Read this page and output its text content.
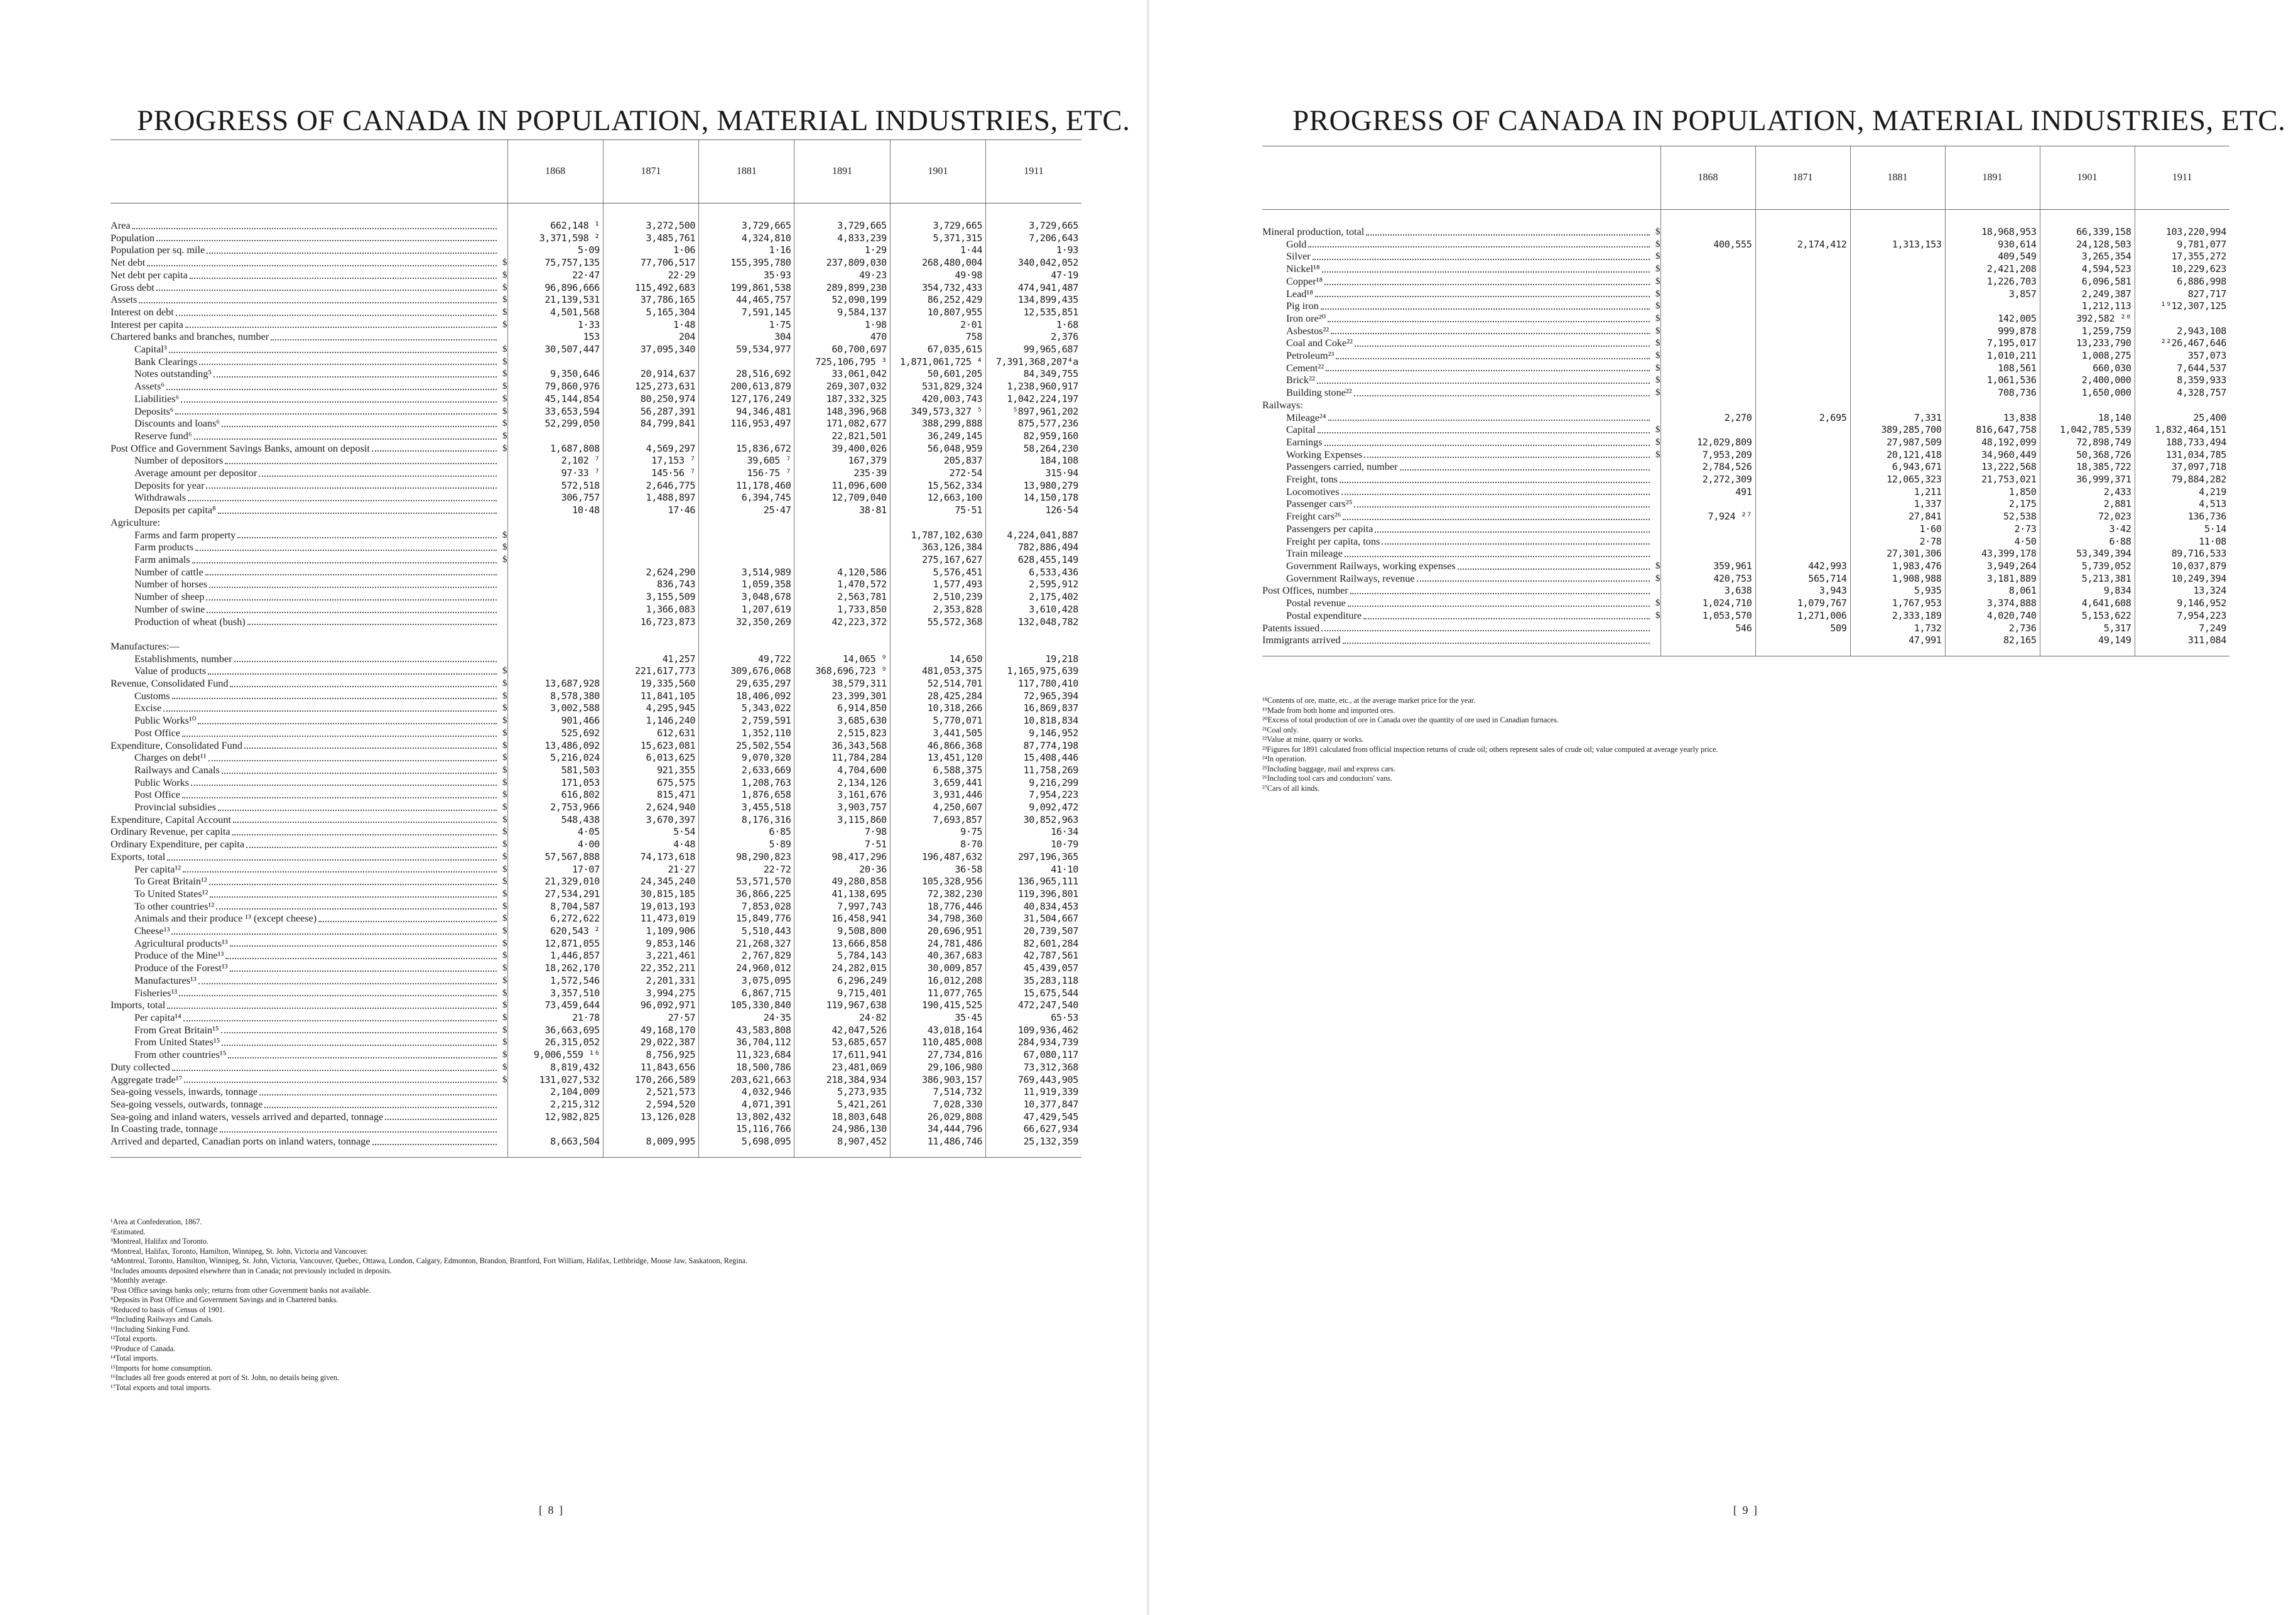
PROGRESS OF CANADA IN POPULATION, MATERIAL INDUSTRIES, ETC.
	1868	1871	1881	1891	1901	1911

Area	662,148 ¹	3,272,500	3,729,665	3,729,665	3,729,665	3,729,665

Population	3,371,598 ²	3,485,761	4,324,810	4,833,239	5,371,315	7,206,643

Population per sq. mile	5·09	1·06	1·16	1·29	1·44	1·93

Net debt $	75,757,135	77,706,517	155,395,780	237,809,030	268,480,004	340,042,052

Net debt per capita $	22·47	22·29	35·93	49·23	49·98	47·19

Gross debt $	96,896,666	115,492,683	199,861,538	289,899,230	354,732,433	474,941,487

Assets $	21,139,531	37,786,165	44,465,757	52,090,199	86,252,429	134,899,435

Interest on debt $	4,501,568	5,165,304	7,591,145	9,584,137	10,807,955	12,535,851

Interest per capita $	1·33	1·48	1·75	1·98	2·01	1·68

Chartered banks and branches, number	153	204	304	470	758	2,376

Capital³ $	30,507,447	37,095,340	59,534,977	60,700,697	67,035,615	99,965,687

Bank Clearings $				725,106,795 ³	1,871,061,725 ⁴	7,391,368,207⁴a

Notes outstanding⁵ $	9,350,646	20,914,637	28,516,692	33,061,042	50,601,205	84,349,755

Assets⁶ $	79,860,976	125,273,631	200,613,879	269,307,032	531,829,324	1,238,960,917

Liabilities⁶ $	45,144,854	80,250,974	127,176,249	187,332,325	420,003,743	1,042,224,197

Deposits⁶ $	33,653,594	56,287,391	94,346,481	148,396,968	349,573,327 ⁵	⁵897,961,202

Discounts and loans⁶ $	52,299,050	84,799,841	116,953,497	171,082,677	388,299,888	875,577,236

Reserve fund⁶ $				22,821,501	36,249,145	82,959,160

Post Office and Government Savings Banks, amount on deposit $	1,687,808	4,569,297	15,836,672	39,400,026	56,048,959	58,264,230

Number of depositors	2,102 ⁷	17,153 ⁷	39,605 ⁷	167,379	205,837	184,108

Average amount per depositor	97·33 ⁷	145·56 ⁷	156·75 ⁷	235·39	272·54	315·94

Deposits for year	572,518	2,646,775	11,178,460	11,096,600	15,562,334	13,980,279

Withdrawals	306,757	1,488,897	6,394,745	12,709,040	12,663,100	14,150,178

Deposits per capita⁸	10·48	17·46	25·47	38·81	75·51	126·54

Agriculture:						

Farms and farm property $					1,787,102,630	4,224,041,887

Farm products $					363,126,384	782,886,494

Farm animals $					275,167,627	628,455,149

Number of cattle		2,624,290	3,514,989	4,120,586	5,576,451	6,533,436

Number of horses		836,743	1,059,358	1,470,572	1,577,493	2,595,912

Number of sheep		3,155,509	3,048,678	2,563,781	2,510,239	2,175,402

Number of swine		1,366,083	1,207,619	1,733,850	2,353,828	3,610,428

Production of wheat (bush)		16,723,873	32,350,269	42,223,372	55,572,368	132,048,782

Manufactures:—						

Establishments, number		41,257	49,722	14,065 ⁹	14,650	19,218

Value of products $		221,617,773	309,676,068	368,696,723 ⁹	481,053,375	1,165,975,639

Revenue, Consolidated Fund $	13,687,928	19,335,560	29,635,297	38,579,311	52,514,701	117,780,410

Customs $	8,578,380	11,841,105	18,406,092	23,399,301	28,425,284	72,965,394

Excise $	3,002,588	4,295,945	5,343,022	6,914,850	10,318,266	16,869,837

Public Works¹⁰ $	901,466	1,146,240	2,759,591	3,685,630	5,770,071	10,818,834

Post Office $	525,692	612,631	1,352,110	2,515,823	3,441,505	9,146,952

Expenditure, Consolidated Fund $	13,486,092	15,623,081	25,502,554	36,343,568	46,866,368	87,774,198

Charges on debt¹¹ $	5,216,024	6,013,625	9,070,320	11,784,284	13,451,120	15,408,446

Railways and Canals $	581,503	921,355	2,633,669	4,704,600	6,588,375	11,758,269

Public Works $	171,053	675,575	1,208,763	2,134,126	3,659,441	9,216,299

Post Office $	616,802	815,471	1,876,658	3,161,676	3,931,446	7,954,223

Provincial subsidies $	2,753,966	2,624,940	3,455,518	3,903,757	4,250,607	9,092,472

Expenditure, Capital Account $	548,438	3,670,397	8,176,316	3,115,860	7,693,857	30,852,963

Ordinary Revenue, per capita $	4·05	5·54	6·85	7·98	9·75	16·34

Ordinary Expenditure, per capita $	4·00	4·48	5·89	7·51	8·70	10·79

Exports, total $	57,567,888	74,173,618	98,290,823	98,417,296	196,487,632	297,196,365

Per capita¹² $	17·07	21·27	22·72	20·36	36·58	41·10

To Great Britain¹² $	21,329,010	24,345,240	53,571,570	49,280,858	105,328,956	136,965,111

To United States¹² $	27,534,291	30,815,185	36,866,225	41,138,695	72,382,230	119,396,801

To other countries¹² $	8,704,587	19,013,193	7,853,028	7,997,743	18,776,446	40,834,453

Animals and their produce ¹³ (except cheese) $	6,272,622	11,473,019	15,849,776	16,458,941	34,798,360	31,504,667

Cheese¹³ $	620,543 ²	1,109,906	5,510,443	9,508,800	20,696,951	20,739,507

Agricultural products¹³ $	12,871,055	9,853,146	21,268,327	13,666,858	24,781,486	82,601,284

Produce of the Mine¹³ $	1,446,857	3,221,461	2,767,829	5,784,143	40,367,683	42,787,561

Produce of the Forest¹³ $	18,262,170	22,352,211	24,960,012	24,282,015	30,009,857	45,439,057

Manufactures¹³ $	1,572,546	2,201,331	3,075,095	6,296,249	16,012,208	35,283,118

Fisheries¹³ $	3,357,510	3,994,275	6,867,715	9,715,401	11,077,765	15,675,544

Imports, total $	73,459,644	96,092,971	105,330,840	119,967,638	190,415,525	472,247,540

Per capita¹⁴ $	21·78	27·57	24·35	24·82	35·45	65·53

From Great Britain¹⁵ $	36,663,695	49,168,170	43,583,808	42,047,526	43,018,164	109,936,462

From United States¹⁵ $	26,315,052	29,022,387	36,704,112	53,685,657	110,485,008	284,934,739

From other countries¹⁵ $	9,006,559 ¹⁶	8,756,925	11,323,684	17,611,941	27,734,816	67,080,117

Duty collected $	8,819,432	11,843,656	18,500,786	23,481,069	29,106,980	73,312,368

Aggregate trade¹⁷ $	131,027,532	170,266,589	203,621,663	218,384,934	386,903,157	769,443,905

Sea-going vessels, inwards, tonnage	2,104,009	2,521,573	4,032,946	5,273,935	7,514,732	11,919,339

Sea-going vessels, outwards, tonnage	2,215,312	2,594,520	4,071,391	5,421,261	7,028,330	10,377,847

Sea-going and inland waters, vessels arrived and departed, tonnage	12,982,825	13,126,028	13,802,432	18,803,648	26,029,808	47,429,545

In Coasting trade, tonnage			15,116,766	24,986,130	34,444,796	66,627,934

Arrived and departed, Canadian ports on inland waters, tonnage	8,663,504	8,009,995	5,698,095	8,907,452	11,486,746	25,132,359

¹Area at Confederation, 1867.
²Estimated.
³Montreal, Halifax and Toronto.
⁴Montreal, Halifax, Toronto, Hamilton, Winnipeg, St. John, Victoria and Vancouver.
⁴aMontreal, Toronto, Hamilton, Winnipeg, St. John, Victoria, Vancouver, Quebec, Ottawa, London, Calgary, Edmonton, Brandon, Brantford, Fort William, Halifax, Lethbridge, Moose Jaw, Saskatoon, Regina.
⁵Includes amounts deposited elsewhere than in Canada; not previously included in deposits.
⁶Monthly average.
⁷Post Office savings banks only; returns from other Government banks not available.
⁸Deposits in Post Office and Government Savings and in Chartered banks.
⁹Reduced to basis of Census of 1901.
¹⁰Including Railways and Canals.
¹¹Including Sinking Fund.
¹²Total exports.
¹³Produce of Canada.
¹⁴Total imports.
¹⁵Imports for home consumption.
¹⁶Includes all free goods entered at port of St. John, no details being given.
¹⁷Total exports and total imports.
[ 8 ]
PROGRESS OF CANADA IN POPULATION, MATERIAL INDUSTRIES, ETC.
	1868	1871	1881	1891	1901	1911

Mineral production, total $				18,968,953	66,339,158	103,220,994

Gold $	400,555	2,174,412	1,313,153	930,614	24,128,503	9,781,077

Silver $				409,549	3,265,354	17,355,272

Nickel¹⁸ $				2,421,208	4,594,523	10,229,623

Copper¹⁸ $				1,226,703	6,096,581	6,886,998

Lead¹⁸ $				3,857	2,249,387	827,717

Pig iron $					1,212,113	¹⁹12,307,125

Iron ore²⁰ $				142,005	392,582 ²⁰	

Asbestos²² $				999,878	1,259,759	2,943,108

Coal and Coke²² $				7,195,017	13,233,790	²²26,467,646

Petroleum²³ $				1,010,211	1,008,275	357,073

Cement²² $				108,561	660,030	7,644,537

Brick²² $				1,061,536	2,400,000	8,359,933

Building stone²² $				708,736	1,650,000	4,328,757

Railways:						

Mileage²⁴	2,270	2,695	7,331	13,838	18,140	25,400

Capital $			389,285,700	816,647,758	1,042,785,539	1,832,464,151

Earnings $	12,029,809		27,987,509	48,192,099	72,898,749	188,733,494

Working Expenses $	7,953,209		20,121,418	34,960,449	50,368,726	131,034,785

Passengers carried, number	2,784,526		6,943,671	13,222,568	18,385,722	37,097,718

Freight, tons	2,272,309		12,065,323	21,753,021	36,999,371	79,884,282

Locomotives	491		1,211	1,850	2,433	4,219

Passenger cars²⁵			1,337	2,175	2,881	4,513

Freight cars²⁶	7,924 ²⁷		27,841	52,538	72,023	136,736

Passengers per capita			1·60	2·73	3·42	5·14

Freight per capita, tons			2·78	4·50	6·88	11·08

Train mileage			27,301,306	43,399,178	53,349,394	89,716,533

Government Railways, working expenses $	359,961	442,993	1,983,476	3,949,264	5,739,052	10,037,879

Government Railways, revenue $	420,753	565,714	1,908,988	3,181,889	5,213,381	10,249,394

Post Offices, number	3,638	3,943	5,935	8,061	9,834	13,324

Postal revenue $	1,024,710	1,079,767	1,767,953	3,374,888	4,641,608	9,146,952

Postal expenditure $	1,053,570	1,271,006	2,333,189	4,020,740	5,153,622	7,954,223

Patents issued	546	509	1,732	2,736	5,317	7,249

Immigrants arrived			47,991	82,165	49,149	311,084

¹⁸Contents of ore, matte, etc., at the average market price for the year.
¹⁹Made from both home and imported ores.
²⁰Excess of total production of ore in Canada over the quantity of ore used in Canadian furnaces.
²¹Coal only.
²²Value at mine, quarry or works.
²³Figures for 1891 calculated from official inspection returns of crude oil; others represent sales of crude oil; value computed at average yearly price.
²⁴In operation.
²⁵Including baggage, mail and express cars.
²⁶Including tool cars and conductors' vans.
²⁷Cars of all kinds.
[ 9 ]
